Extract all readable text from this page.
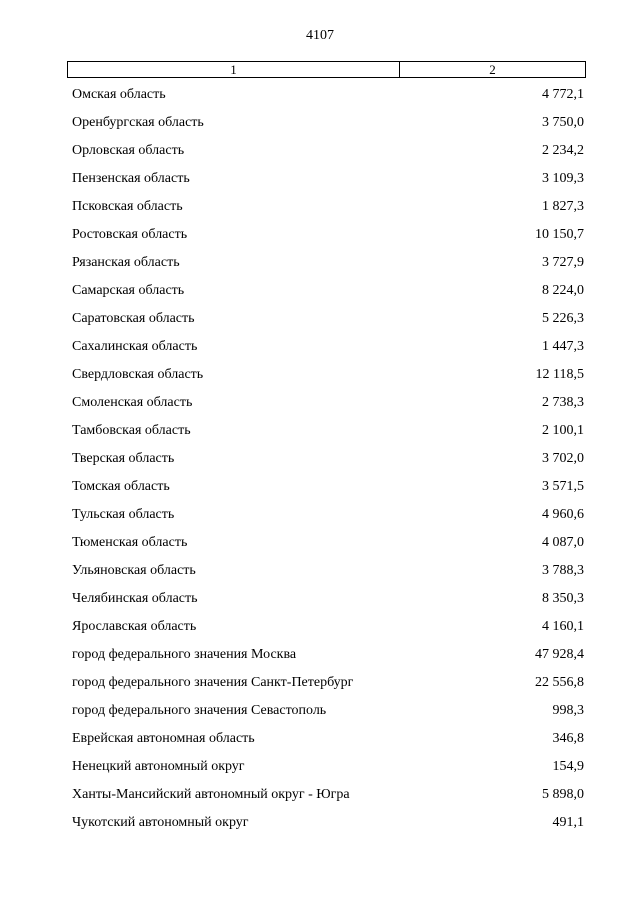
4107
1	2
Омская область	4 772,1
Оренбургская область	3 750,0
Орловская область	2 234,2
Пензенская область	3 109,3
Псковская область	1 827,3
Ростовская область	10 150,7
Рязанская область	3 727,9
Самарская область	8 224,0
Саратовская область	5 226,3
Сахалинская область	1 447,3
Свердловская область	12 118,5
Смоленская область	2 738,3
Тамбовская область	2 100,1
Тверская область	3 702,0
Томская область	3 571,5
Тульская область	4 960,6
Тюменская область	4 087,0
Ульяновская область	3 788,3
Челябинская область	8 350,3
Ярославская область	4 160,1
город федерального значения Москва	47 928,4
город федерального значения Санкт-Петербург	22 556,8
город федерального значения Севастополь	998,3
Еврейская автономная область	346,8
Ненецкий автономный округ	154,9
Ханты-Мансийский автономный округ - Югра	5 898,0
Чукотский автономный округ	491,1
